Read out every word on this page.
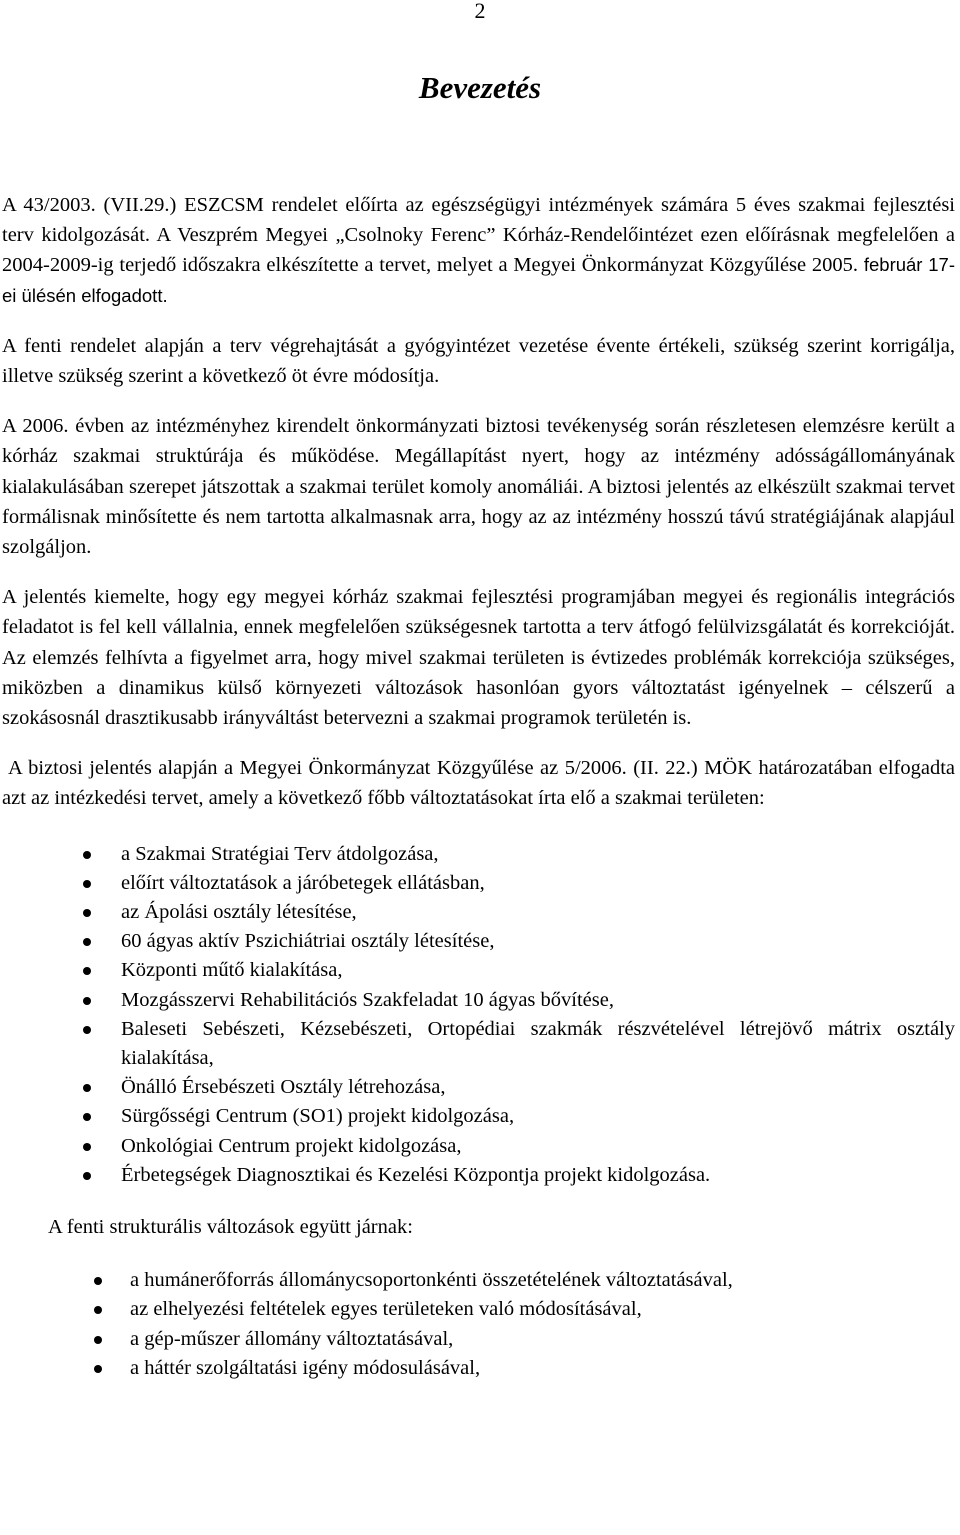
2
Bevezetés

A 43/2003. (VII.29.) ESZCSM rendelet előírta az egészségügyi intézmények számára 5 éves szakmai fejlesztési terv kidolgozását. A Veszprém Megyei „Csolnoky Ferenc” Kórház-Rendelőintézet ezen előírásnak megfelelően a 2004-2009-ig terjedő időszakra elkészítette a tervet, melyet a Megyei Önkormányzat Közgyűlése 2005. február 17-ei ülésén elfogadott.

A fenti rendelet alapján a terv végrehajtását a gyógyintézet vezetése évente értékeli, szükség szerint korrigálja, illetve szükség szerint a következő öt évre módosítja.

A 2006. évben az intézményhez kirendelt önkormányzati biztosi tevékenység során részletesen elemzésre került a kórház szakmai struktúrája és működése. Megállapítást nyert, hogy az intézmény adósságállományának kialakulásában szerepet játszottak a szakmai terület komoly anomáliái. A biztosi jelentés az elkészült szakmai tervet formálisnak minősítette és nem tartotta alkalmasnak arra, hogy az az intézmény hosszú távú stratégiájának alapjául szolgáljon.

A jelentés kiemelte, hogy egy megyei kórház szakmai fejlesztési programjában megyei és regionális integrációs feladatot is fel kell vállalnia, ennek megfelelően szükségesnek tartotta a terv átfogó felülvizsgálatát és korrekcióját. Az elemzés felhívta a figyelmet arra, hogy mivel szakmai területen is évtizedes problémák korrekciója szükséges, miközben a dinamikus külső környezeti változások hasonlóan gyors változtatást igényelnek – célszerű a szokásosnál drasztikusabb irányváltást betervezni a szakmai programok területén is.

A biztosi jelentés alapján a Megyei Önkormányzat Közgyűlése az 5/2006. (II. 22.) MÖK határozatában elfogadta azt az intézkedési tervet, amely a következő főbb változtatásokat írta elő a szakmai területen:

a Szakmai Stratégiai Terv átdolgozása,
előírt változtatások a járóbetegek ellátásban,
az Ápolási osztály létesítése,
60 ágyas aktív Pszichiátriai osztály létesítése,
Központi műtő kialakítása,
Mozgásszervi Rehabilitációs Szakfeladat 10 ágyas bővítése,
Baleseti Sebészeti, Kézsebészeti, Ortopédiai szakmák részvételével létrejövő mátrix osztály kialakítása,
Önálló Érsebészeti Osztály létrehozása,
Sürgősségi Centrum (SO1) projekt kidolgozása,
Onkológiai Centrum projekt kidolgozása,
Érbetegségek Diagnosztikai és Kezelési Központja projekt kidolgozása.

A fenti strukturális változások együtt járnak:

a humánerőforrás állománycsoportonkénti összetételének változtatásával,
az elhelyezési feltételek egyes területeken való módosításával,
a gép-műszer állomány változtatásával,
a háttér szolgáltatási igény módosulásával,
